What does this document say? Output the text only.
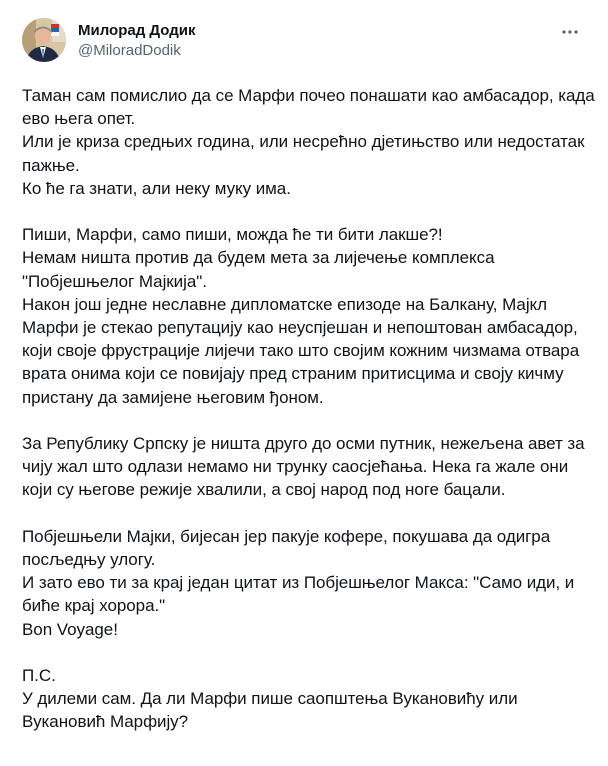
Милорад Додик
@MiloradDodik

Таман сам помислио да се Марфи почео понашати као амбасадор, када
ево њега опет.
Или је криза средњих година, или несрећно дјетињство или недостатак
пажње.
Ко ће га знати, али неку муку има.

Пиши, Марфи, само пиши, можда ће ти бити лакше?!
Немам ништа против да будем мета за лијечење комплекса
"Побјешњелог Мајкија".
Након још једне неславне дипломатске епизоде на Балкану, Мајкл
Марфи је стекао репутацију као неуспјешан и непоштован амбасадор,
који своје фрустрације лијечи тако што својим кожним чизмама отвара
врата онима који се повијају пред страним притисцима и своју кичму
пристану да замијене његовим ђоном.

За Републику Српску је ништа друго до осми путник, нежељена авет за
чију жал што одлази немамо ни трунку саосјећања. Нека га жале они
који су његове режије хвалили, а свој народ под ноге бацали.

Побјешњели Мајки, бијесан јер пакује кофере, покушава да одигра
посљедњу улогу.
И зато ево ти за крај један цитат из Побјешњелог Макса: "Само иди, и
биће крај хорора."
Bon Voyage!

П.С.
У дилеми сам. Да ли Марфи пише саопштења Вукановићу или
Вукановић Марфију?
